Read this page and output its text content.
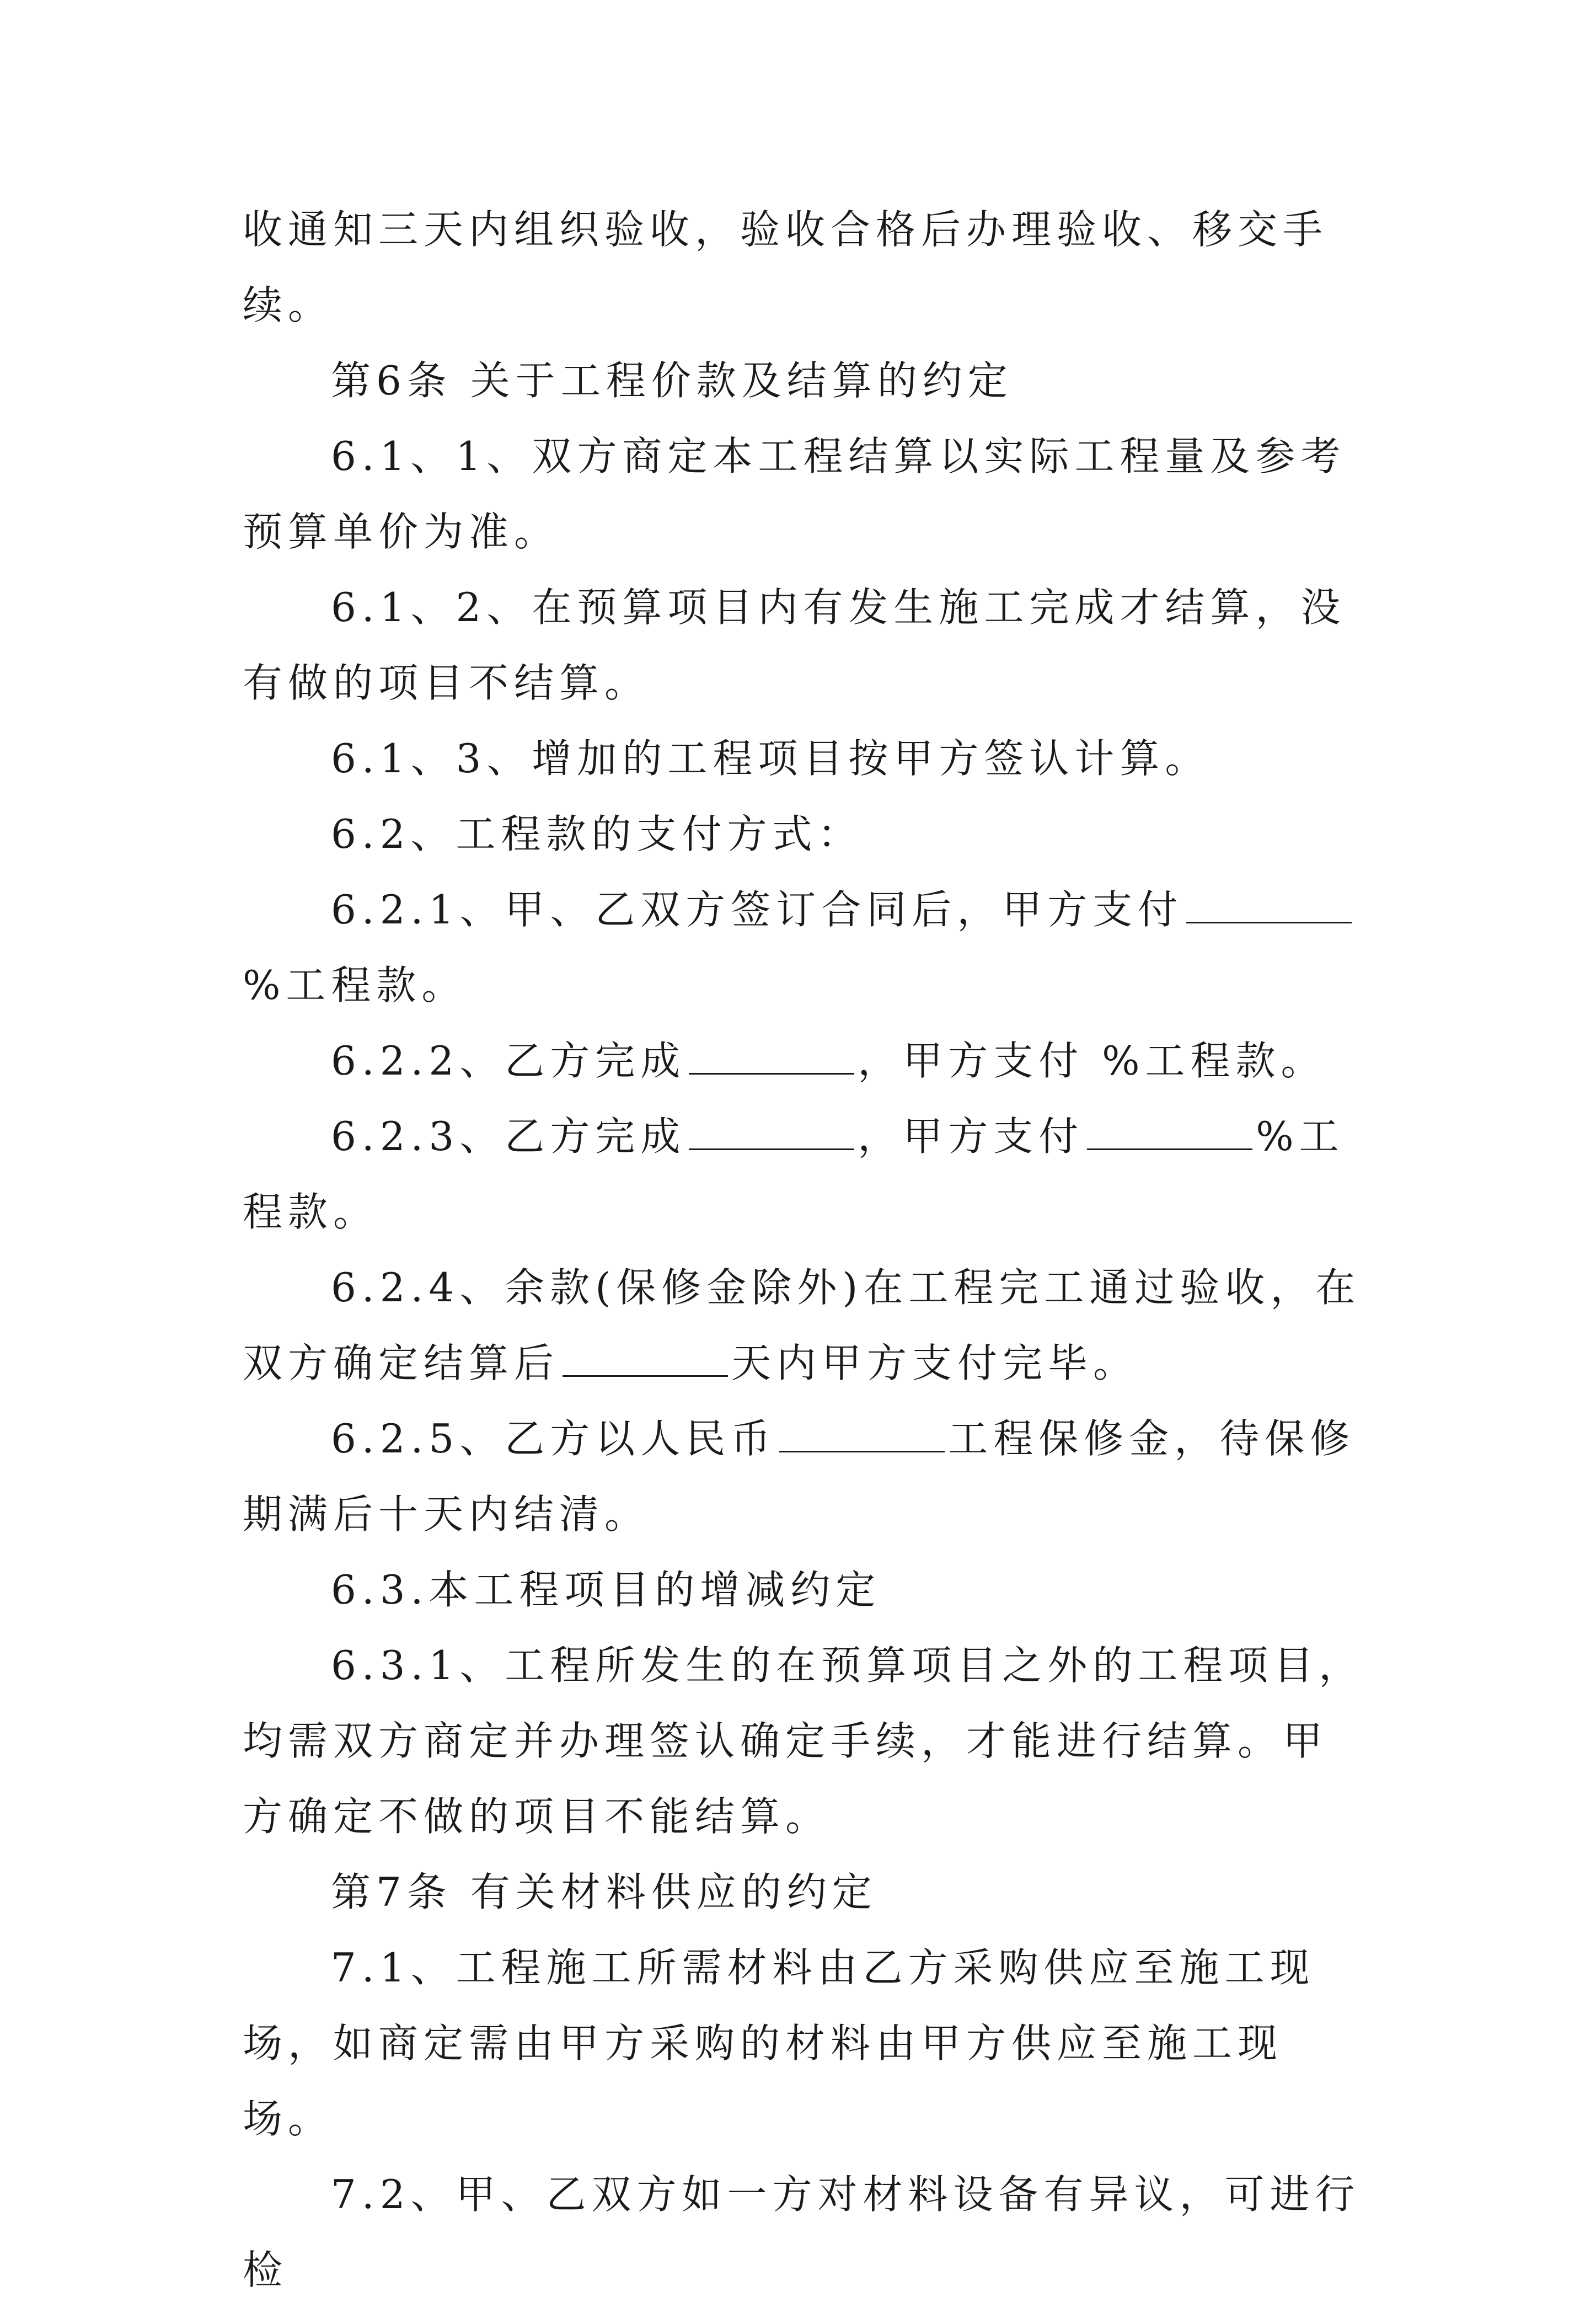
收通知三天内组织验收，验收合格后办理验收、移交手续。

第6条 关于工程价款及结算的约定

6.1、1、双方商定本工程结算以实际工程量及参考预算单价为准。

6.1、2、在预算项目内有发生施工完成才结算，没有做的项目不结算。

6.1、3、增加的工程项目按甲方签认计算。

6.2、工程款的支付方式：

6.2.1、甲、乙双方签订合同后，甲方支付%工程款。

6.2.2、乙方完成	，甲方支付 %工程款。

6.2.3、乙方完成	，甲方支付	%工程款。

6.2.4、余款(保修金除外)在工程完工通过验收，在双方确定结算后	天内甲方支付完毕。

6.2.5、乙方以人民币	工程保修金，待保修期满后十天内结清。

6.3.本工程项目的增减约定

6.3.1、工程所发生的在预算项目之外的工程项目，均需双方商定并办理签认确定手续，才能进行结算。甲方确定不做的项目不能结算。

第7条 有关材料供应的约定

7.1、工程施工所需材料由乙方采购供应至施工现场，如商定需由甲方采购的材料由甲方供应至施工现场。

7.2、甲、乙双方如一方对材料设备有异议，可进行检
